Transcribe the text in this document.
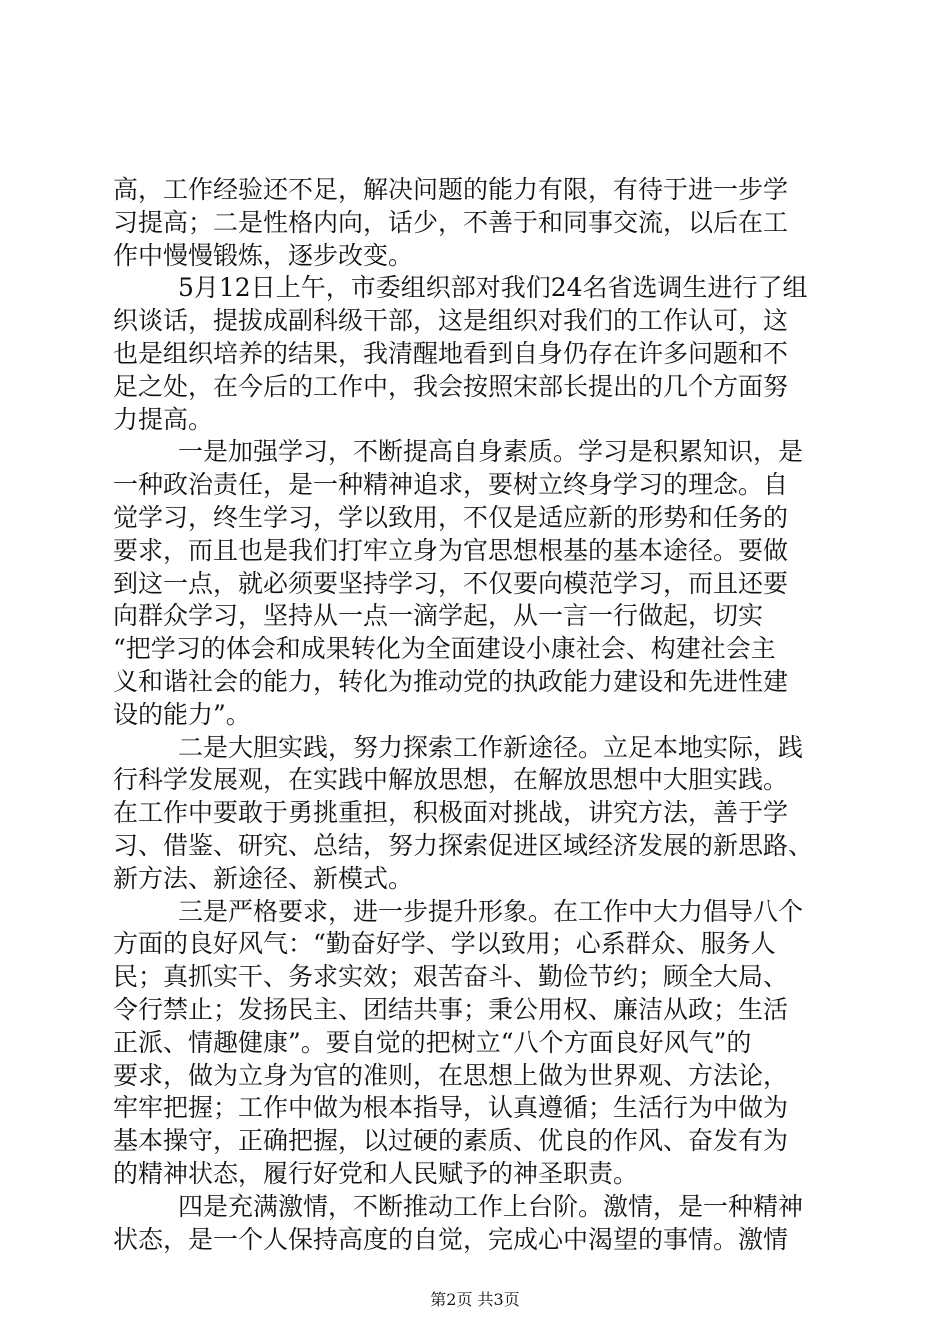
高，工作经验还不足，解决问题的能力有限，有待于进一步学

习提高；二是性格内向，话少，不善于和同事交流，以后在工

作中慢慢锻炼，逐步改变。

5月12日上午，市委组织部对我们24名省选调生进行了组

织谈话，提拔成副科级干部，这是组织对我们的工作认可，这

也是组织培养的结果，我清醒地看到自身仍存在许多问题和不

足之处，在今后的工作中，我会按照宋部长提出的几个方面努

力提高。

一是加强学习，不断提高自身素质。学习是积累知识，是

一种政治责任，是一种精神追求，要树立终身学习的理念。自

觉学习，终生学习，学以致用，不仅是适应新的形势和任务的

要求，而且也是我们打牢立身为官思想根基的基本途径。要做

到这一点，就必须要坚持学习，不仅要向模范学习，而且还要

向群众学习，坚持从一点一滴学起，从一言一行做起，切实

“把学习的体会和成果转化为全面建设小康社会、构建社会主

义和谐社会的能力，转化为推动党的执政能力建设和先进性建

设的能力”。

二是大胆实践，努力探索工作新途径。立足本地实际，践

行科学发展观，在实践中解放思想，在解放思想中大胆实践。

在工作中要敢于勇挑重担，积极面对挑战，讲究方法，善于学

习、借鉴、研究、总结，努力探索促进区域经济发展的新思路、

新方法、新途径、新模式。

三是严格要求，进一步提升形象。在工作中大力倡导八个

方面的良好风气：“勤奋好学、学以致用；心系群众、服务人

民；真抓实干、务求实效；艰苦奋斗、勤俭节约；顾全大局、

令行禁止；发扬民主、团结共事；秉公用权、廉洁从政；生活

正派、情趣健康”。要自觉的把树立“八个方面良好风气”的

要求，做为立身为官的准则，在思想上做为世界观、方法论，

牢牢把握；工作中做为根本指导，认真遵循；生活行为中做为

基本操守，正确把握，以过硬的素质、优良的作风、奋发有为

的精神状态，履行好党和人民赋予的神圣职责。

四是充满激情，不断推动工作上台阶。激情，是一种精神

状态，是一个人保持高度的自觉，完成心中渴望的事情。激情

第2页 共3页
